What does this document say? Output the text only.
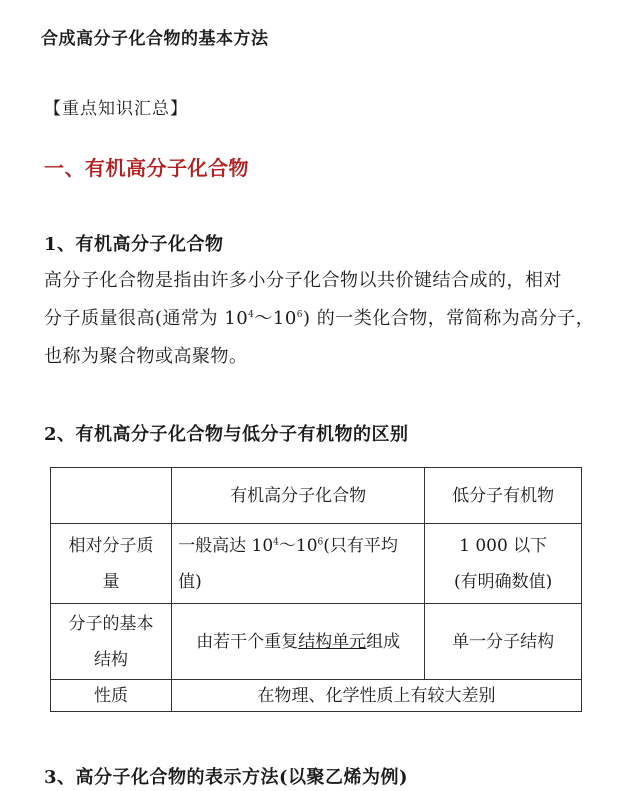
合成高分子化合物的基本方法
【重点知识汇总】
一、有机高分子化合物
1、有机高分子化合物
高分子化合物是指由许多小分子化合物以共价键结合成的，相对
分子质量很高(通常为 $10^4\sim 10^6$) 的一类化合物，常简称为高分子，
也称为聚合物或高聚物。
2、有机高分子化合物与低分子有机物的区别
	有机高分子化合物	低分子有机物
相对分子质
量	一般高达 $10^4\sim 10^6$(只有平均
值)	1 000 以下
(有明确数值)
分子的基本
结构	由若干个重复结构单元组成	单一分子结构
性质	在物理、化学性质上有较大差别	
3、高分子化合物的表示方法(以聚乙烯为例)
